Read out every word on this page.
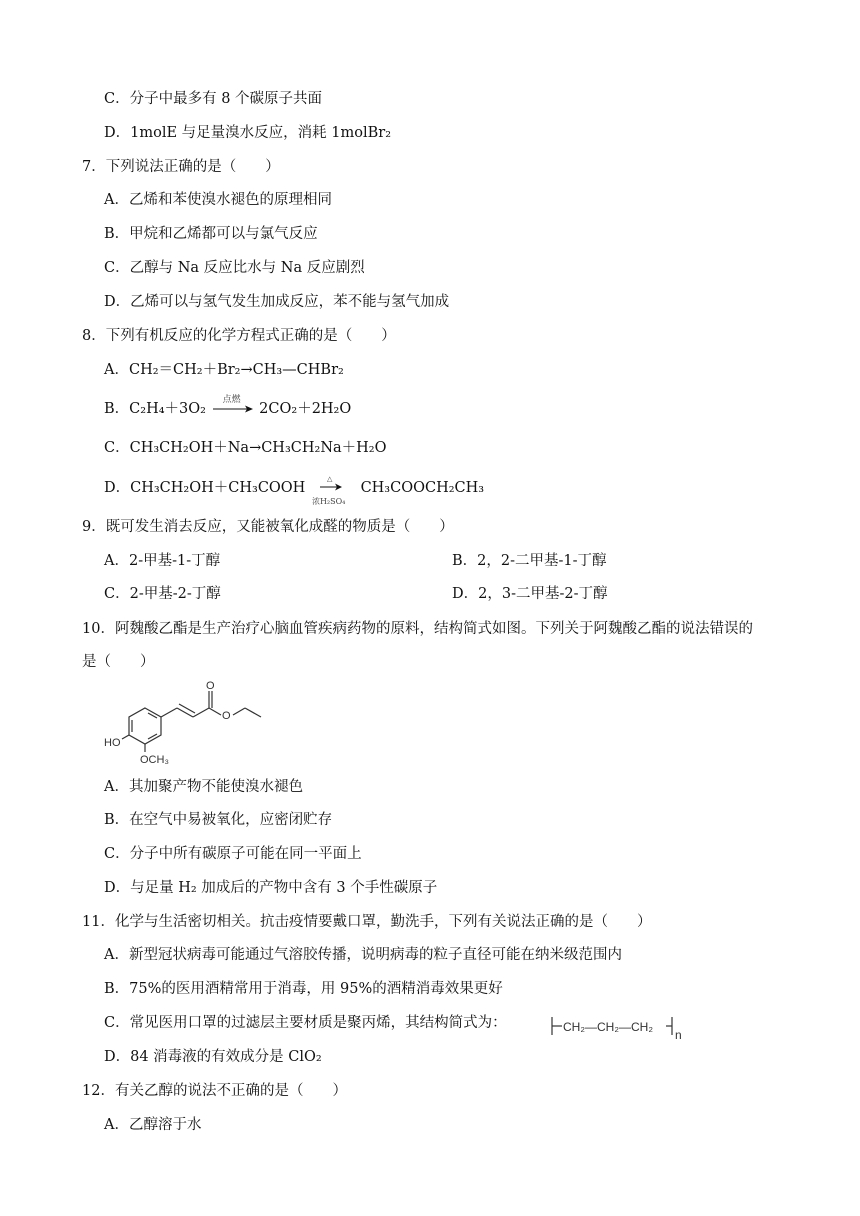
C．分子中最多有 8 个碳原子共面
D．1molE 与足量溴水反应，消耗 1molBr₂
7．下列说法正确的是（　　）
A．乙烯和苯使溴水褪色的原理相同
B．甲烷和乙烯都可以与氯气反应
C．乙醇与 Na 反应比水与 Na 反应剧烈
D．乙烯可以与氢气发生加成反应，苯不能与氢气加成
8．下列有机反应的化学方程式正确的是（　　）
A．CH₂＝CH₂＋Br₂→CH₃—CHBr₂
B．C₂H₄＋3O₂
点燃
2CO₂＋2H₂O
C．CH₃CH₂OH＋Na→CH₃CH₂Na＋H₂O
D．CH₃CH₂OH＋CH₃COOH
△
浓H₂SO₄
CH₃COOCH₂CH₃
9．既可发生消去反应，又能被氧化成醛的物质是（　　）
A．2-甲基-1-丁醇	B．2，2-二甲基-1-丁醇
C．2-甲基-2-丁醇	D．2，3-二甲基-2-丁醇
10．阿魏酸乙酯是生产治疗心脑血管疾病药物的原料，结构简式如图。下列关于阿魏酸乙酯的说法错误的
是（　　）
O
O
HO
OCH₃
A．其加聚产物不能使溴水褪色
B．在空气中易被氧化，应密闭贮存
C．分子中所有碳原子可能在同一平面上
D．与足量 H₂ 加成后的产物中含有 3 个手性碳原子
11．化学与生活密切相关。抗击疫情要戴口罩，勤洗手，下列有关说法正确的是（　　）
A．新型冠状病毒可能通过气溶胶传播，说明病毒的粒子直径可能在纳米级范围内
B．75%的医用酒精常用于消毒，用 95%的酒精消毒效果更好
C．常见医用口罩的过滤层主要材质是聚丙烯，其结构简式为：	CH₂—CH₂—CH₂
n
D．84 消毒液的有效成分是 ClO₂
12．有关乙醇的说法不正确的是（　　）
A．乙醇溶于水
